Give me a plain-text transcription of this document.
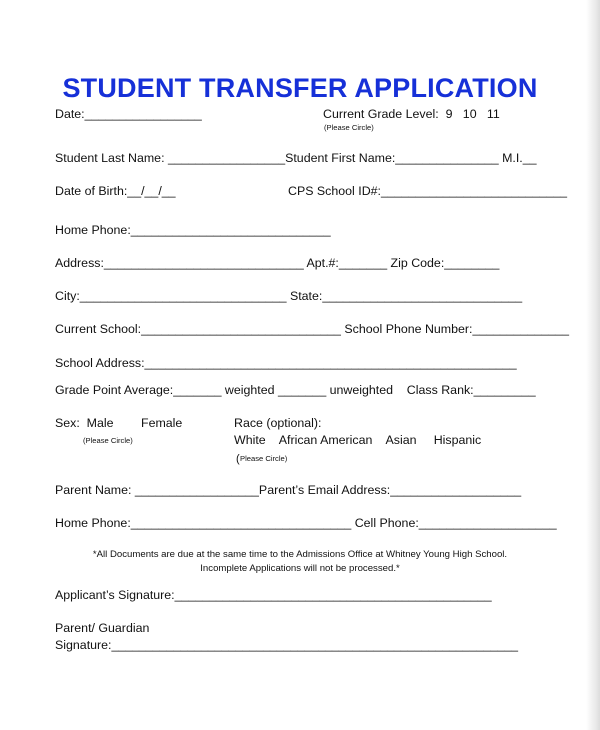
STUDENT TRANSFER APPLICATION
Date:_________________	Current Grade Level:  9   10   11
(Please Circle)
Student Last Name: _________________Student First Name:_______________ M.I.__
Date of Birth:__/__/__	CPS School ID#:___________________________
Home Phone:_____________________________
Address:_____________________________ Apt.#:_______ Zip Code:________
City:______________________________ State:_____________________________
Current School:_____________________________ School Phone Number:______________
School Address:______________________________________________________
Grade Point Average:_______ weighted _______ unweighted    Class Rank:_________
Sex:  Male Female
(Please Circle)
Race (optional):
White    African American    Asian     Hispanic
( Please Circle)
Parent Name: __________________Parent’s Email Address:___________________
Home Phone:________________________________ Cell Phone:____________________
*All Documents are due at the same time to the Admissions Office at Whitney Young High School.
Incomplete Applications will not be processed.*
Applicant’s Signature:______________________________________________
Parent/ Guardian
Signature:___________________________________________________________
